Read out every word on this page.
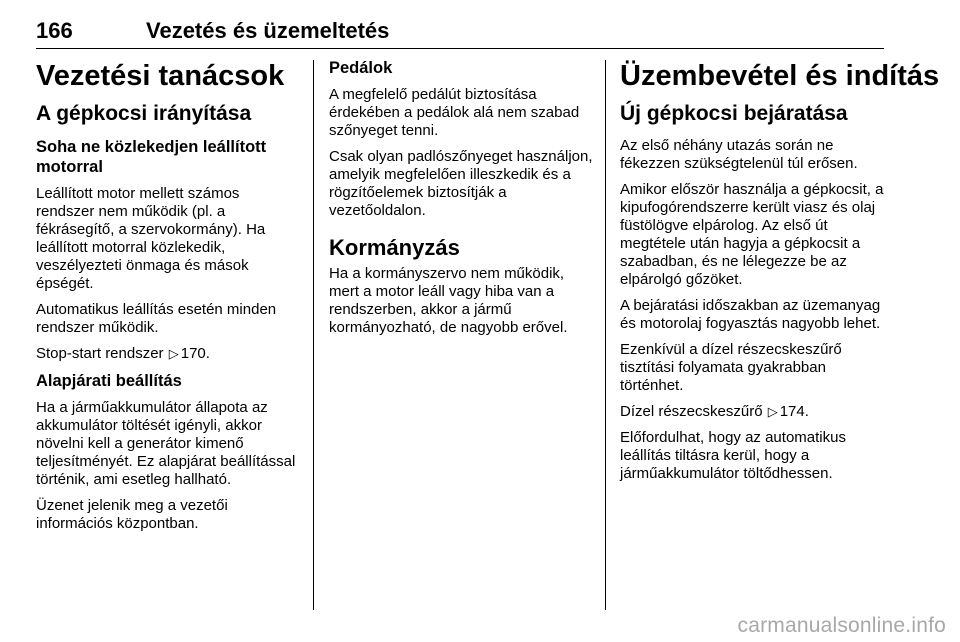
166	Vezetés és üzemeltetés
Vezetési tanácsok
A gépkocsi irányítása
Soha ne közlekedjen leállított motorral

Leállított motor mellett számos rendszer nem működik (pl. a fékrásegítő, a szervokormány). Ha leállított motorral közlekedik, veszélyezteti önmaga és mások épségét.

Automatikus leállítás esetén minden rendszer működik.

Stop-start rendszer ▷ 170.

Alapjárati beállítás

Ha a járműakkumulátor állapota az akkumulátor töltését igényli, akkor növelni kell a generátor kimenő teljesítményét. Ez alapjárat beállítással történik, ami esetleg hallható.

Üzenet jelenik meg a vezetői információs központban.

Pedálok

A megfelelő pedálút biztosítása érdekében a pedálok alá nem szabad szőnyeget tenni.

Csak olyan padlószőnyeget használjon, amelyik megfelelően illeszkedik és a rögzítőelemek biztosítják a vezetőoldalon.

Kormányzás

Ha a kormányszervo nem működik, mert a motor leáll vagy hiba van a rendszerben, akkor a jármű kormányozható, de nagyobb erővel.

Üzembevétel és indítás
Új gépkocsi bejáratása

Az első néhány utazás során ne fékezzen szükségtelenül túl erősen.

Amikor először használja a gépkocsit, a kipufogórendszerre került viasz és olaj füstölögve elpárolog. Az első út megtétele után hagyja a gépkocsit a szabadban, és ne lélegezze be az elpárolgó gőzöket.

A bejáratási időszakban az üzemanyag és motorolaj fogyasztás nagyobb lehet.

Ezenkívül a dízel részecskeszűrő tisztítási folyamata gyakrabban történhet.

Dízel részecskeszűrő ▷ 174.

Előfordulhat, hogy az automatikus leállítás tiltásra kerül, hogy a járműakkumulátor töltődhessen.

carmanualsonline.info
